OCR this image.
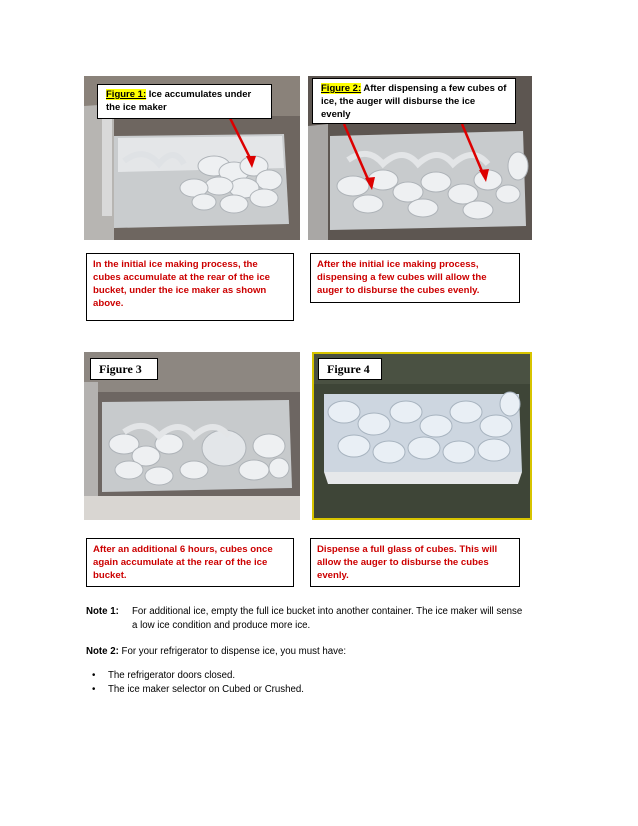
Figure 1: Ice accumulates under the ice maker
Figure 2: After dispensing a few cubes of ice, the auger will disburse the ice evenly
In the initial ice making process, the cubes accumulate at the rear of the ice bucket, under the ice maker as shown above.
After the initial ice making process, dispensing a few cubes will allow the auger to disburse the cubes evenly.
Figure 3	Figure 4
After an additional 6 hours, cubes once again accumulate at the rear of the ice bucket.
Dispense a full glass of cubes. This will allow the auger to disburse the cubes evenly.
Note 1: For additional ice, empty the full ice bucket into another container. The ice maker will sense
a low ice condition and produce more ice.
Note 2: For your refrigerator to dispense ice, you must have:
• The refrigerator doors closed.
• The ice maker selector on Cubed or Crushed.
